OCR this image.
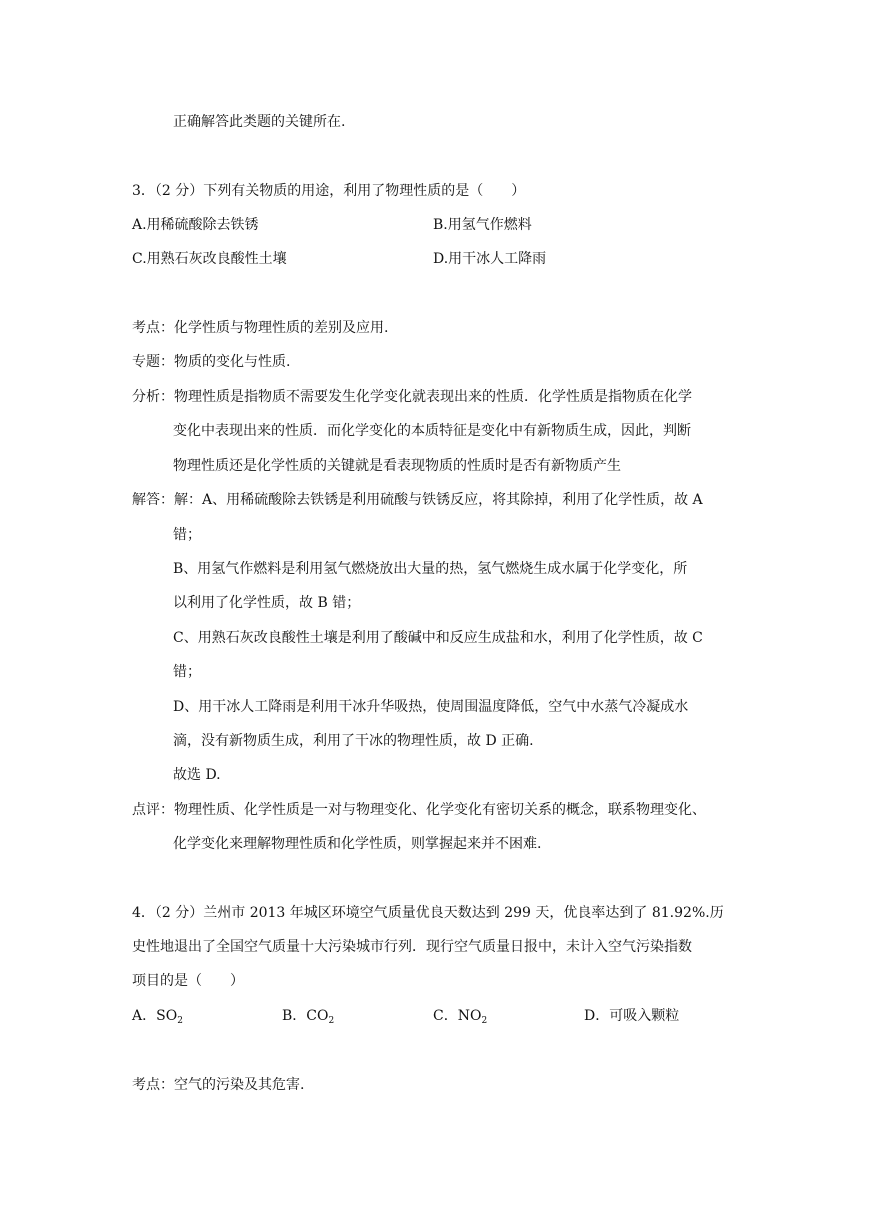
正确解答此类题的关键所在.
3．（2 分）下列有关物质的用途，利用了物理性质的是（　　）
A.用稀硫酸除去铁锈	B.用氢气作燃料
C.用熟石灰改良酸性土壤	D.用干冰人工降雨
考点：化学性质与物理性质的差别及应用.
专题：物质的变化与性质.
分析： 物理性质是指物质不需要发生化学变化就表现出来的性质．化学性质是指物质在化学
变化中表现出来的性质．而化学变化的本质特征是变化中有新物质生成，因此，判断
物理性质还是化学性质的关键就是看表现物质的性质时是否有新物质产生
解答： 解：A、用稀硫酸除去铁锈是利用硫酸与铁锈反应，将其除掉，利用了化学性质，故 A
错；
B、用氢气作燃料是利用氢气燃烧放出大量的热，氢气燃烧生成水属于化学变化，所
以利用了化学性质，故 B 错；
C、用熟石灰改良酸性土壤是利用了酸碱中和反应生成盐和水，利用了化学性质，故 C
错；
D、用干冰人工降雨是利用干冰升华吸热，使周围温度降低，空气中水蒸气冷凝成水
滴，没有新物质生成，利用了干冰的物理性质，故 D 正确.
故选 D.
点评： 物理性质、化学性质是一对与物理变化、化学变化有密切关系的概念，联系物理变化、
化学变化来理解物理性质和化学性质，则掌握起来并不困难.
4．（2 分）兰州市 2013 年城区环境空气质量优良天数达到 299 天，优良率达到了 81.92%.历
史性地退出了全国空气质量十大污染城市行列．现行空气质量日报中，未计入空气污染指数
项目的是（　　）
A．$SO_2$	B．$CO_2$	C．$NO_2$	D．可吸入颗粒
考点：空气的污染及其危害.
